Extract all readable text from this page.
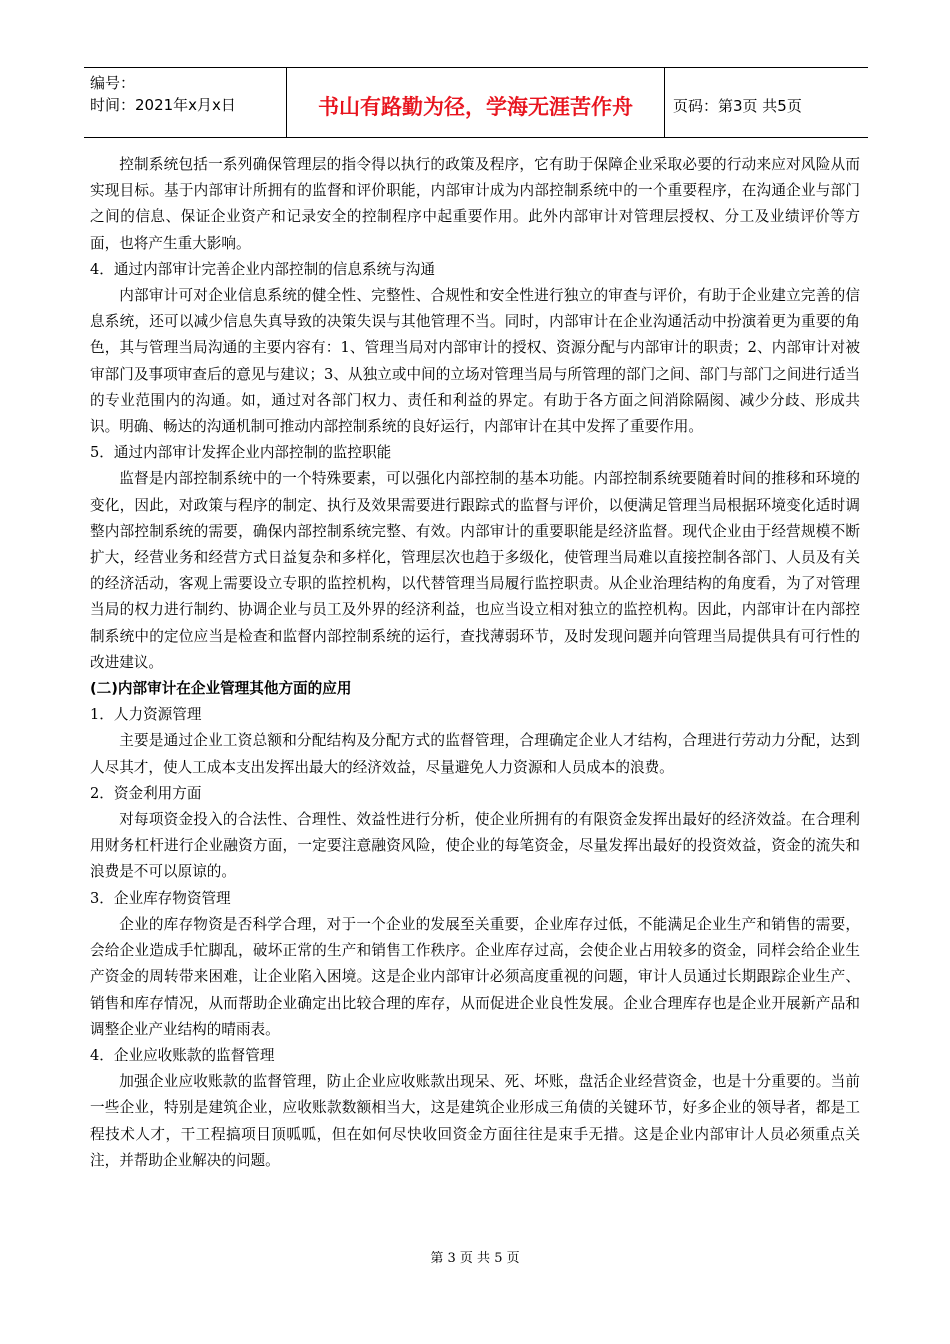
编号：
时间：2021年x月x日	书山有路勤为径，学海无涯苦作舟	页码：第3页 共5页

控制系统包括一系列确保管理层的指令得以执行的政策及程序，它有助于保障企业采取必要的行动来应对风险从而实现目标。基于内部审计所拥有的监督和评价职能，内部审计成为内部控制系统中的一个重要程序，在沟通企业与部门之间的信息、保证企业资产和记录安全的控制程序中起重要作用。此外内部审计对管理层授权、分工及业绩评价等方面，也将产生重大影响。

4．通过内部审计完善企业内部控制的信息系统与沟通

内部审计可对企业信息系统的健全性、完整性、合规性和安全性进行独立的审查与评价，有助于企业建立完善的信息系统，还可以减少信息失真导致的决策失误与其他管理不当。同时，内部审计在企业沟通活动中扮演着更为重要的角色，其与管理当局沟通的主要内容有：1、管理当局对内部审计的授权、资源分配与内部审计的职责；2、内部审计对被审部门及事项审查后的意见与建议；3、从独立或中间的立场对管理当局与所管理的部门之间、部门与部门之间进行适当的专业范围内的沟通。如，通过对各部门权力、责任和利益的界定。有助于各方面之间消除隔阂、减少分歧、形成共识。明确、畅达的沟通机制可推动内部控制系统的良好运行，内部审计在其中发挥了重要作用。

5．通过内部审计发挥企业内部控制的监控职能

监督是内部控制系统中的一个特殊要素，可以强化内部控制的基本功能。内部控制系统要随着时间的推移和环境的变化，因此，对政策与程序的制定、执行及效果需要进行跟踪式的监督与评价，以便满足管理当局根据环境变化适时调整内部控制系统的需要，确保内部控制系统完整、有效。内部审计的重要职能是经济监督。现代企业由于经营规模不断扩大，经营业务和经营方式日益复杂和多样化，管理层次也趋于多级化，使管理当局难以直接控制各部门、人员及有关的经济活动，客观上需要设立专职的监控机构，以代替管理当局履行监控职责。从企业治理结构的角度看，为了对管理当局的权力进行制约、协调企业与员工及外界的经济利益，也应当设立相对独立的监控机构。因此，内部审计在内部控制系统中的定位应当是检查和监督内部控制系统的运行，查找薄弱环节，及时发现问题并向管理当局提供具有可行性的改进建议。

(二)内部审计在企业管理其他方面的应用

1．人力资源管理

主要是通过企业工资总额和分配结构及分配方式的监督管理，合理确定企业人才结构，合理进行劳动力分配，达到人尽其才，使人工成本支出发挥出最大的经济效益，尽量避免人力资源和人员成本的浪费。

2．资金利用方面

对每项资金投入的合法性、合理性、效益性进行分析，使企业所拥有的有限资金发挥出最好的经济效益。在合理利用财务杠杆进行企业融资方面，一定要注意融资风险，使企业的每笔资金，尽量发挥出最好的投资效益，资金的流失和浪费是不可以原谅的。

3．企业库存物资管理

企业的库存物资是否科学合理，对于一个企业的发展至关重要，企业库存过低，不能满足企业生产和销售的需要，会给企业造成手忙脚乱，破坏正常的生产和销售工作秩序。企业库存过高，会使企业占用较多的资金，同样会给企业生产资金的周转带来困难，让企业陷入困境。这是企业内部审计必须高度重视的问题，审计人员通过长期跟踪企业生产、销售和库存情况，从而帮助企业确定出比较合理的库存，从而促进企业良性发展。企业合理库存也是企业开展新产品和调整企业产业结构的晴雨表。

4．企业应收账款的监督管理

加强企业应收账款的监督管理，防止企业应收账款出现呆、死、坏账，盘活企业经营资金，也是十分重要的。当前一些企业，特别是建筑企业，应收账款数额相当大，这是建筑企业形成三角债的关键环节，好多企业的领导者，都是工程技术人才，干工程搞项目顶呱呱，但在如何尽快收回资金方面往往是束手无措。这是企业内部审计人员必须重点关注，并帮助企业解决的问题。

第 3 页 共 5 页
